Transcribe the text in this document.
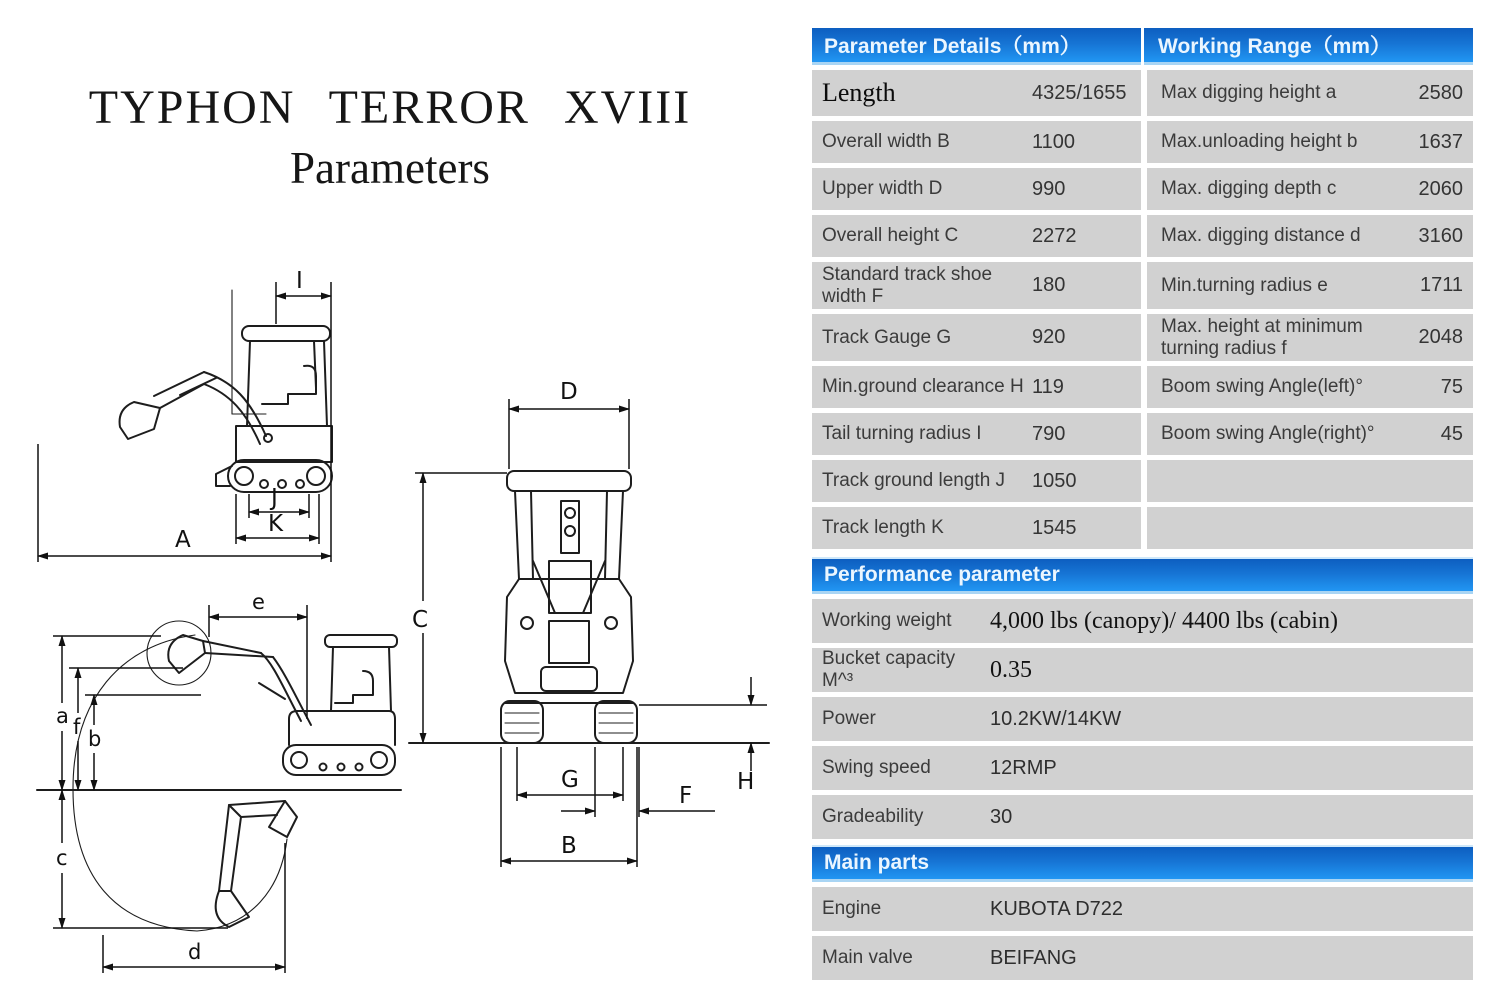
TYPHON TERROR XVIII
Parameters
I
A
J
K
D
C
H
G
F
B
e
a f b
c
d
Parameter Details（mm）	Working Range（mm）
Length	4325/1655	Max digging height a	2580
Overall width B	1100	Max.unloading height b	1637
Upper width D	990	Max. digging depth c	2060
Overall height C	2272	Max. digging distance d	3160
Standard track shoe width F	180	Min.turning radius e	1711
Track Gauge G	920	Max. height at minimum turning radius f	2048
Min.ground clearance H 119	Boom swing Angle(left)°	75
Tail turning radius I	790	Boom swing Angle(right)°	45
Track ground length J	1050
Track length K	1545
Performance parameter
Working weight	4,000 lbs (canopy)/ 4400 lbs (cabin)
Bucket capacity M^³	0.35
Power	10.2KW/14KW
Swing speed	12RMP
Gradeability	30
Main parts
Engine	KUBOTA D722
Main valve	BEIFANG
